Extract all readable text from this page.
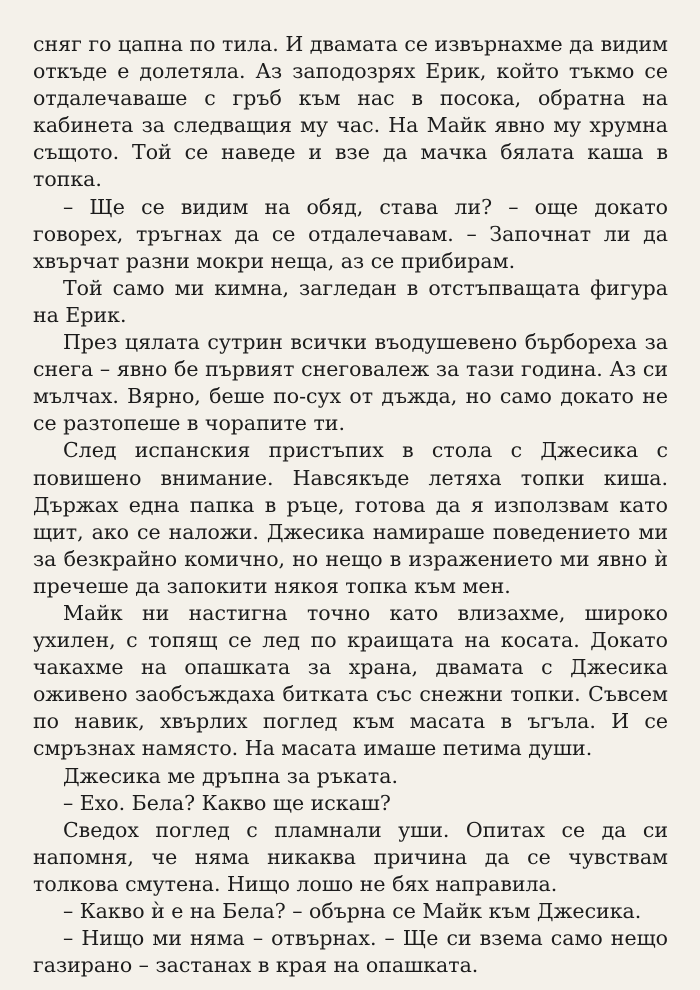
сняг го цапна по тила. И двамата се извърнахме да видим откъде е долетяла. Аз заподозрях Ерик, който тъкмо се отдалечаваше с гръб към нас в посока, обратна на кабинета за следващия му час. На Майк явно му хрумна същото. Той се наведе и взе да мачка бялата каша в топка.

– Ще се видим на обяд, става ли? – още докато говорех, тръгнах да се отдалечавам. – Започнат ли да хвърчат разни мокри неща, аз се прибирам.

Той само ми кимна, загледан в отстъпващата фигура на Ерик.

През цялата сутрин всички въодушевено бърбореха за снега – явно бе първият снеговалеж за тази година. Аз си мълчах. Вярно, беше по-сух от дъжда, но само докато не се разтопеше в чорапите ти.

След испанския пристъпих в стола с Джесика с повишено внимание. Навсякъде летяха топки киша. Държах една папка в ръце, готова да я използвам като щит, ако се наложи. Джесика намираше поведението ми за безкрайно комично, но нещо в изражението ми явно ѝ пречеше да запокити някоя топка към мен.

Майк ни настигна точно като влизахме, широко ухилен, с топящ се лед по краищата на косата. Докато чакахме на опашката за храна, двамата с Джесика оживено заобсъждаха битката със снежни топки. Съвсем по навик, хвърлих поглед към масата в ъгъла. И се смръзнах намясто. На масата имаше петима души.

Джесика ме дръпна за ръката.

– Ехо. Бела? Какво ще искаш?

Сведох поглед с пламнали уши. Опитах се да си напомня, че няма никаква причина да се чувствам толкова смутена. Нищо лошо не бях направила.

– Какво ѝ е на Бела? – обърна се Майк към Джесика.

– Нищо ми няма – отвърнах. – Ще си взема само нещо газирано – застанах в края на опашката.
